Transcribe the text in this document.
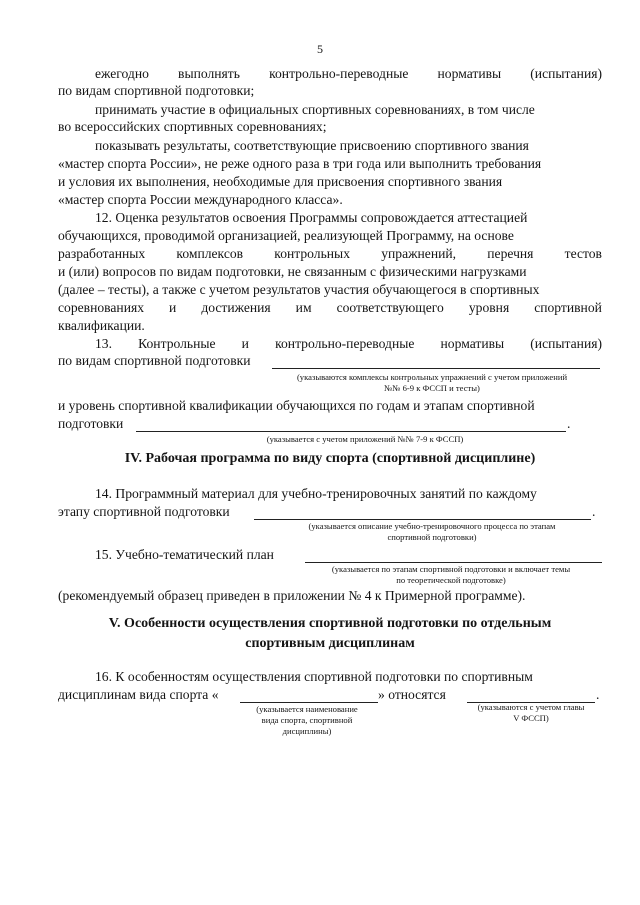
5
ежегодно выполнять контрольно-переводные нормативы (испытания)
по видам спортивной подготовки;
принимать участие в официальных спортивных соревнованиях, в том числе
во всероссийских спортивных соревнованиях;
показывать результаты, соответствующие присвоению спортивного звания
«мастер спорта России», не реже одного раза в три года или выполнить требования
и условия их выполнения, необходимые для присвоения спортивного звания
«мастер спорта России международного класса».
12. Оценка результатов освоения Программы сопровождается аттестацией
обучающихся, проводимой организацией, реализующей Программу, на основе
разработанных комплексов контрольных упражнений, перечня тестов
и (или) вопросов по видам подготовки, не связанным с физическими нагрузками
(далее – тесты), а также с учетом результатов участия обучающегося в спортивных
соревнованиях и достижения им соответствующего уровня спортивной
квалификации.
13. Контрольные и контрольно-переводные нормативы (испытания)
по видам спортивной подготовки
(указываются комплексы контрольных упражнений с учетом приложений
№№ 6-9 к ФССП и тесты)
и уровень спортивной квалификации обучающихся по годам и этапам спортивной
подготовки	.
(указывается с учетом приложений №№ 7-9 к ФССП)
IV. Рабочая программа по виду спорта (спортивной дисциплине)
14. Программный материал для учебно-тренировочных занятий по каждому
этапу спортивной подготовки	.
(указывается описание учебно-тренировочного процесса по этапам
спортивной подготовки)
15. Учебно-тематический план
(указывается по этапам спортивной подготовки и включает темы
по теоретической подготовке)
(рекомендуемый образец приведен в приложении № 4 к Примерной программе).
V. Особенности осуществления спортивной подготовки по отдельным
спортивным дисциплинам
16. К особенностям осуществления спортивной подготовки по спортивным
дисциплинам вида спорта «	» относятся	.
(указывается наименование
вида спорта, спортивной
дисциплины)
(указываются с учетом главы
V ФССП)
